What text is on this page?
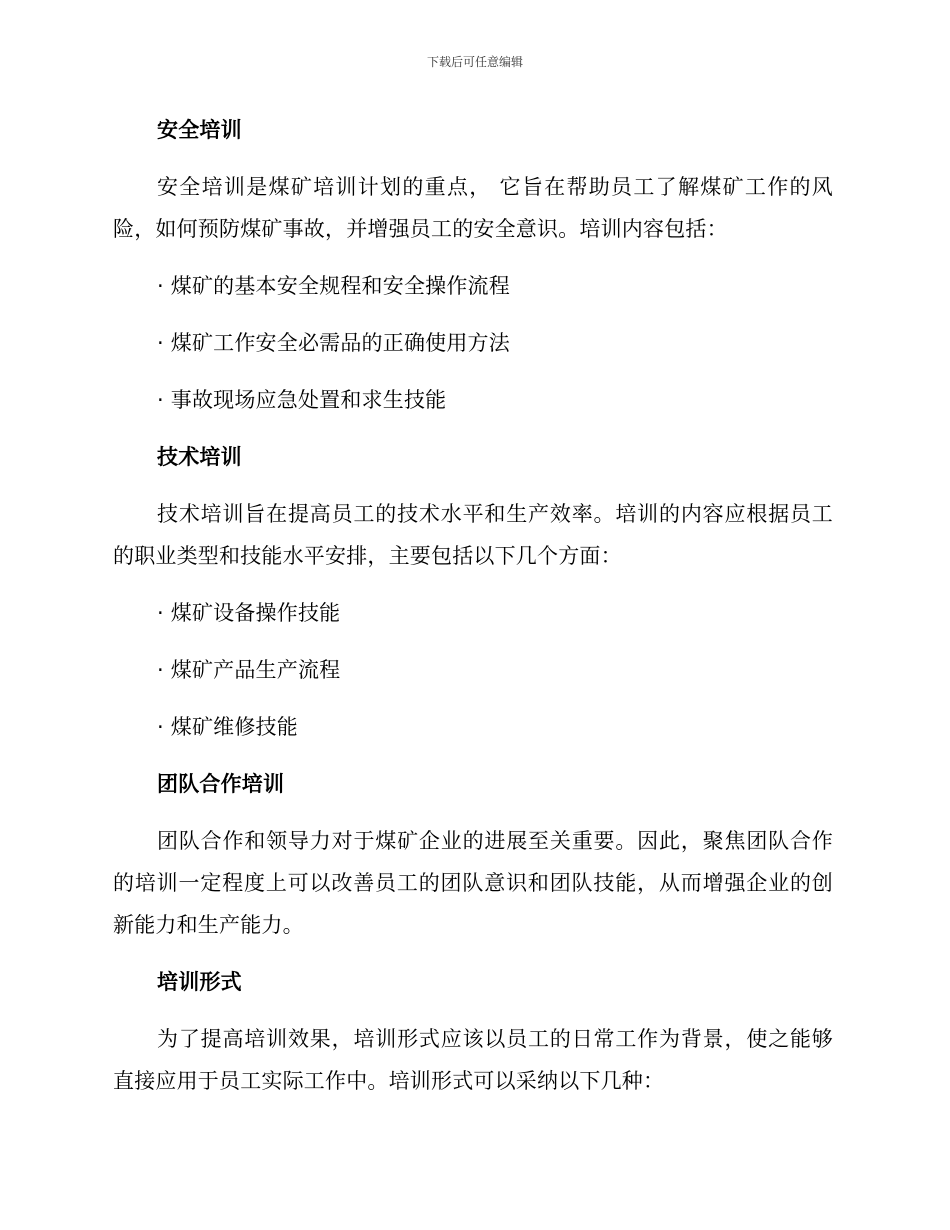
下载后可任意编辑
安全培训
安全培训是煤矿培训计划的重点， 它旨在帮助员工了解煤矿工作的风险，如何预防煤矿事故，并增强员工的安全意识。培训内容包括：
· 煤矿的基本安全规程和安全操作流程
· 煤矿工作安全必需品的正确使用方法
· 事故现场应急处置和求生技能
技术培训
技术培训旨在提高员工的技术水平和生产效率。培训的内容应根据员工的职业类型和技能水平安排，主要包括以下几个方面：
· 煤矿设备操作技能
· 煤矿产品生产流程
· 煤矿维修技能
团队合作培训
团队合作和领导力对于煤矿企业的进展至关重要。因此，聚焦团队合作的培训一定程度上可以改善员工的团队意识和团队技能，从而增强企业的创新能力和生产能力。
培训形式
为了提高培训效果，培训形式应该以员工的日常工作为背景，使之能够直接应用于员工实际工作中。培训形式可以采纳以下几种：
